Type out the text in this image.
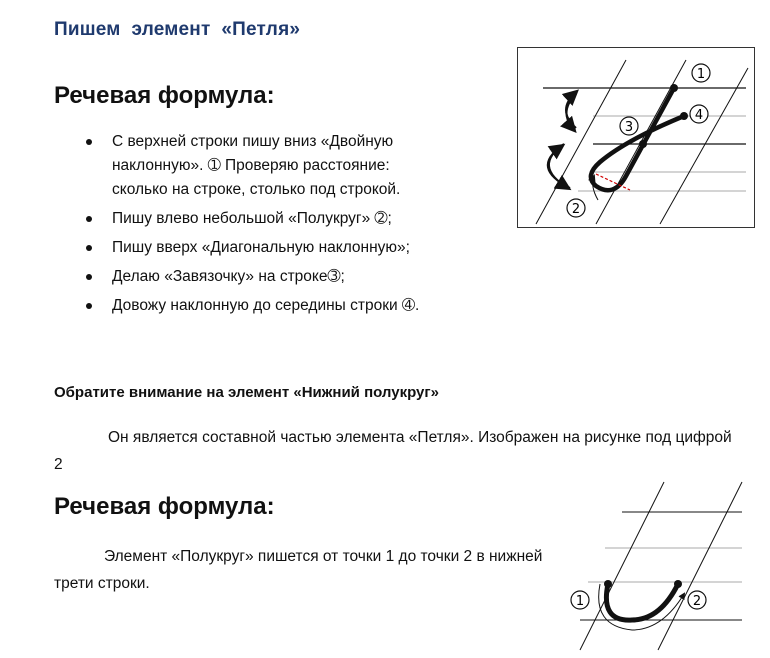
Пишем  элемент  «Петля»
Речевая формула:
С верхней строки пишу вниз «Двойную
наклонную». ➀ Проверяю расстояние:
сколько на строке, столько под строкой.
Пишу влево небольшой «Полукруг» ➁;
Пишу вверх «Диагональную наклонную»;
Делаю «Завязочку» на строке➂;
Довожу наклонную до середины строки ➃.
1
4
3
2
Обратите внимание на элемент «Нижний полукруг»
Он является составной частью элемента «Петля». Изображен на рисунке под цифрой 2
Речевая формула:
Элемент «Полукруг» пишется от точки 1 до точки 2 в нижней трети строки.
1	2
